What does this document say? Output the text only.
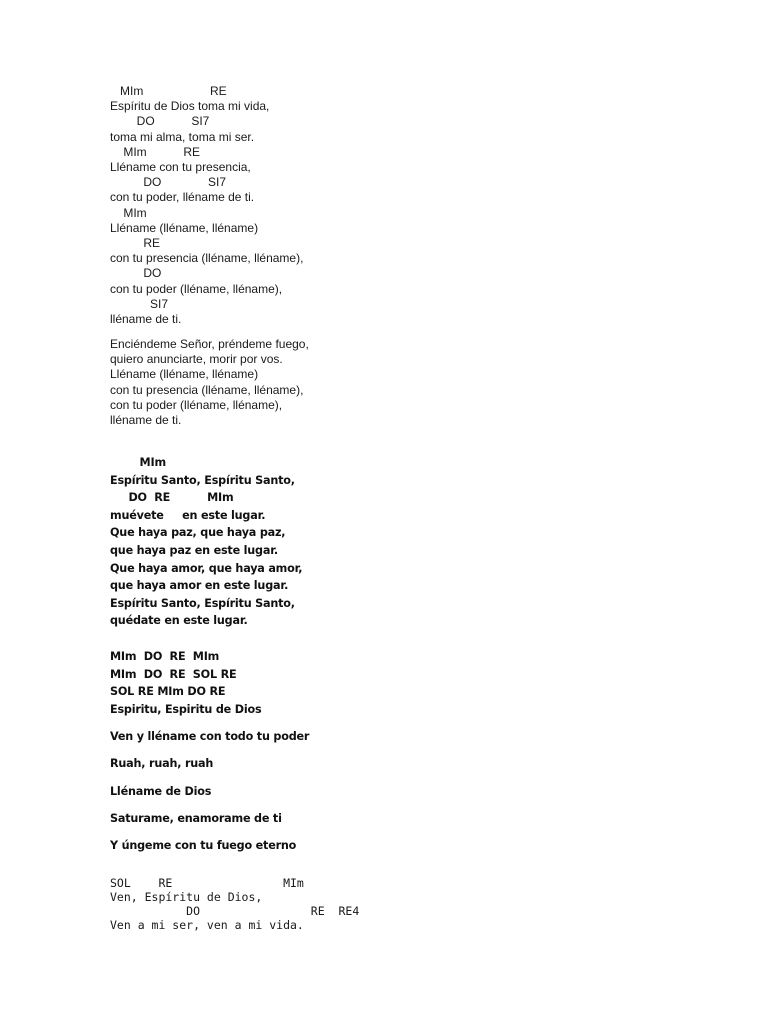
MIm                    RE
Espíritu de Dios toma mi vida,
DO           SI7
toma mi alma, toma mi ser.
MIm           RE
Lléname con tu presencia,
DO              SI7
con tu poder, lléname de ti.
MIm
Lléname (lléname, lléname)
RE
con tu presencia (lléname, lléname),
DO
con tu poder (lléname, lléname),
SI7
lléname de ti.
Enciéndeme Señor, préndeme fuego,
quiero anunciarte, morir por vos.
Lléname (lléname, lléname)
con tu presencia (lléname, lléname),
con tu poder (lléname, lléname),
lléname de ti.
MIm
Espíritu Santo, Espíritu Santo,
DO  RE          MIm
muévete     en este lugar.
Que haya paz, que haya paz,
que haya paz en este lugar.
Que haya amor, que haya amor,
que haya amor en este lugar.
Espíritu Santo, Espíritu Santo,
quédate en este lugar.
MIm  DO  RE  MIm
MIm  DO  RE  SOL RE
SOL RE MIm DO RE
Espiritu, Espiritu de Dios
Ven y lléname con todo tu poder
Ruah, ruah, ruah
Lléname de Dios
Saturame, enamorame de ti
Y úngeme con tu fuego eterno
SOL    RE                MIm
Ven, Espíritu de Dios,
DO                RE  RE4
Ven a mi ser, ven a mi vida.
